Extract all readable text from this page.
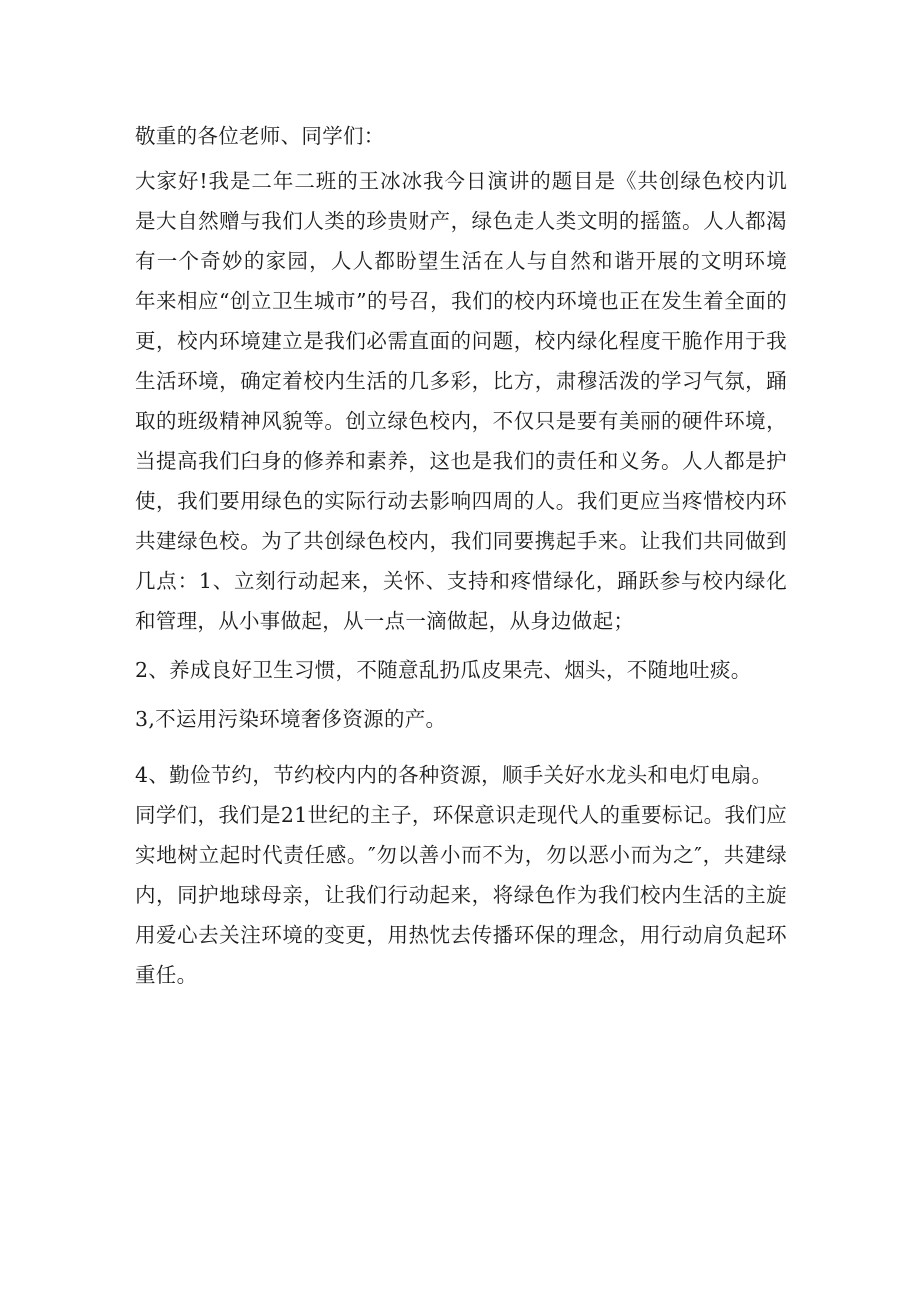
敬重的各位老师、同学们：
大家好!我是二年二班的王冰冰我今日演讲的题目是《共创绿色校内讥
是大自然赠与我们人类的珍贵财产，绿色走人类文明的摇篮。人人都渴
有一个奇妙的家园，人人都盼望生活在人与自然和谐开展的文明环境
年来相应“创立卫生城市”的号召，我们的校内环境也正在发生着全面的
更，校内环境建立是我们必需直面的问题，校内绿化程度干脆作用于我
生活环境，确定着校内生活的几多彩，比方，肃穆活泼的学习气氛，踊
取的班级精神风貌等。创立绿色校内，不仅只是要有美丽的硬件环境，
当提高我们臼身的修养和素养，这也是我们的责任和义务。人人都是护
使，我们要用绿色的实际行动去影响四周的人。我们更应当疼惜校内环
共建绿色校。为了共创绿色校内，我们同要携起手来。让我们共同做到
几点：1、立刻行动起来，关怀、支持和疼惜绿化，踊跃参与校内绿化
和管理，从小事做起，从一点一滴做起，从身边做起；
2、养成良好卫生习惯，不随意乱扔瓜皮果壳、烟头，不随地吐痰。
3,不运用污染环境奢侈资源的产。
4、勤俭节约，节约校内内的各种资源，顺手关好水龙头和电灯电扇。
同学们，我们是21世纪的主子，环保意识走现代人的重要标记。我们应
实地树立起时代责任感。″勿以善小而不为，勿以恶小而为之″，共建绿
内，同护地球母亲，让我们行动起来，将绿色作为我们校内生活的主旋
用爱心去关注环境的变更，用热忱去传播环保的理念，用行动肩负起环
重任。
